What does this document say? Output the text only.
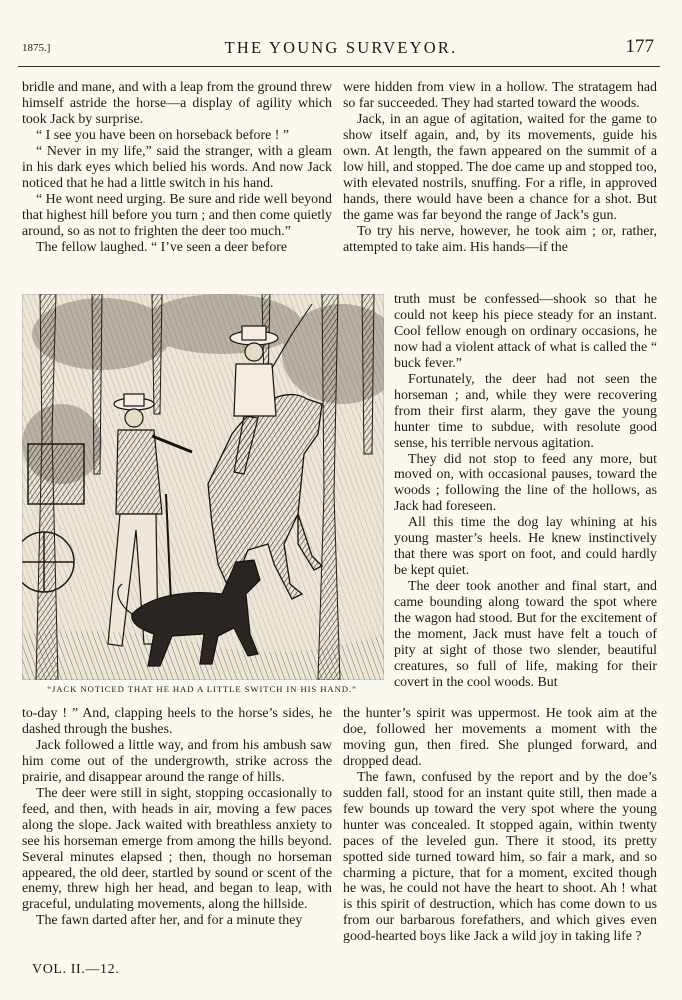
1875.]	THE YOUNG SURVEYOR.	177

bridle and mane, and with a leap from the ground threw himself astride the horse—a display of agility which took Jack by surprise.

“ I see you have been on horseback before ! ”

“ Never in my life,” said the stranger, with a gleam in his dark eyes which belied his words. And now Jack noticed that he had a little switch in his hand.

“ He wont need urging. Be sure and ride well beyond that highest hill before you turn ; and then come quietly around, so as not to frighten the deer too much.”

The fellow laughed. “ I’ve seen a deer before

“JACK NOTICED THAT HE HAD A LITTLE SWITCH IN HIS HAND.”

to-day ! ” And, clapping heels to the horse’s sides, he dashed through the bushes.

Jack followed a little way, and from his ambush saw him come out of the undergrowth, strike across the prairie, and disappear around the range of hills.

The deer were still in sight, stopping occasionally to feed, and then, with heads in air, moving a few paces along the slope. Jack waited with breathless anxiety to see his horseman emerge from among the hills beyond. Several minutes elapsed ; then, though no horseman appeared, the old deer, startled by sound or scent of the enemy, threw high her head, and began to leap, with graceful, undulating movements, along the hillside.

The fawn darted after her, and for a minute they

were hidden from view in a hollow. The stratagem had so far succeeded. They had started toward the woods.

Jack, in an ague of agitation, waited for the game to show itself again, and, by its movements, guide his own. At length, the fawn appeared on the summit of a low hill, and stopped. The doe came up and stopped too, with elevated nostrils, snuffing. For a rifle, in approved hands, there would have been a chance for a shot. But the game was far beyond the range of Jack’s gun.

To try his nerve, however, he took aim ; or, rather, attempted to take aim. His hands—if the

truth must be confessed—shook so that he could not keep his piece steady for an instant. Cool fellow enough on ordinary occasions, he now had a violent attack of what is called the “ buck fever.”

Fortunately, the deer had not seen the horseman ; and, while they were recovering from their first alarm, they gave the young hunter time to subdue, with resolute good sense, his terrible nervous agitation.

They did not stop to feed any more, but moved on, with occasional pauses, toward the woods ; following the line of the hollows, as Jack had foreseen.

All this time the dog lay whining at his young master’s heels. He knew instinctively that there was sport on foot, and could hardly be kept quiet.

The deer took another and final start, and came bounding along toward the spot where the wagon had stood. But for the excitement of the moment, Jack must have felt a touch of pity at sight of those two slender, beautiful creatures, so full of life, making for their covert in the cool woods. But

the hunter’s spirit was uppermost. He took aim at the doe, followed her movements a moment with the moving gun, then fired. She plunged forward, and dropped dead.

The fawn, confused by the report and by the doe’s sudden fall, stood for an instant quite still, then made a few bounds up toward the very spot where the young hunter was concealed. It stopped again, within twenty paces of the leveled gun. There it stood, its pretty spotted side turned toward him, so fair a mark, and so charming a picture, that for a moment, excited though he was, he could not have the heart to shoot. Ah ! what is this spirit of destruction, which has come down to us from our barbarous forefathers, and which gives even good-hearted boys like Jack a wild joy in taking life ?

VOL. II.—12.
